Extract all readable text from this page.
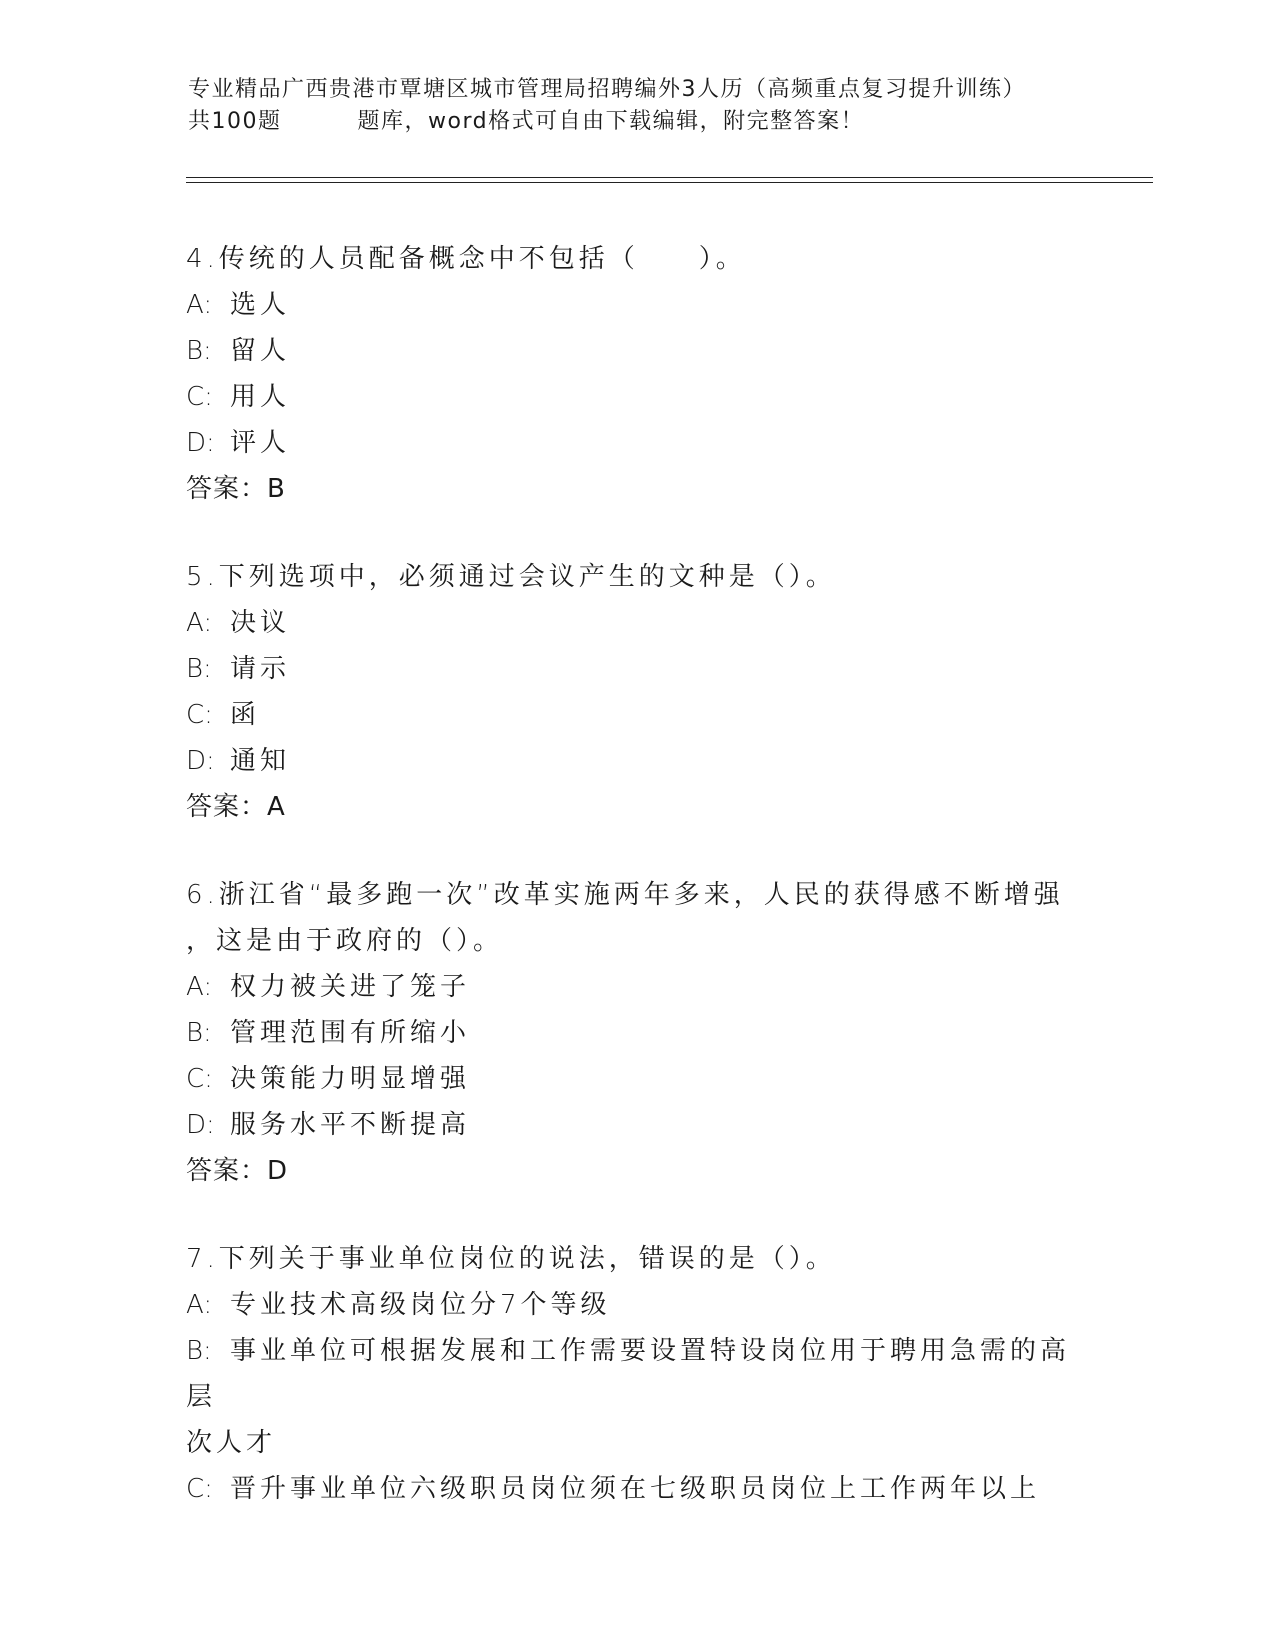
专业精品广西贵港市覃塘区城市管理局招聘编外3人历（高频重点复习提升训练）
共100题	题库，word格式可自由下载编辑，附完整答案！
4.传统的人员配备概念中不包括（　　）。
A: 选人
B: 留人
C: 用人
D: 评人
答案：B
5.下列选项中，必须通过会议产生的文种是（）。
A: 决议
B: 请示
C: 函
D: 通知
答案：A
6.浙江省“最多跑一次”改革实施两年多来，人民的获得感不断增强
，这是由于政府的（）。
A: 权力被关进了笼子
B: 管理范围有所缩小
C: 决策能力明显增强
D: 服务水平不断提高
答案：D
7.下列关于事业单位岗位的说法，错误的是（）。
A: 专业技术高级岗位分7个等级
B: 事业单位可根据发展和工作需要设置特设岗位用于聘用急需的高层
次人才
C: 晋升事业单位六级职员岗位须在七级职员岗位上工作两年以上
